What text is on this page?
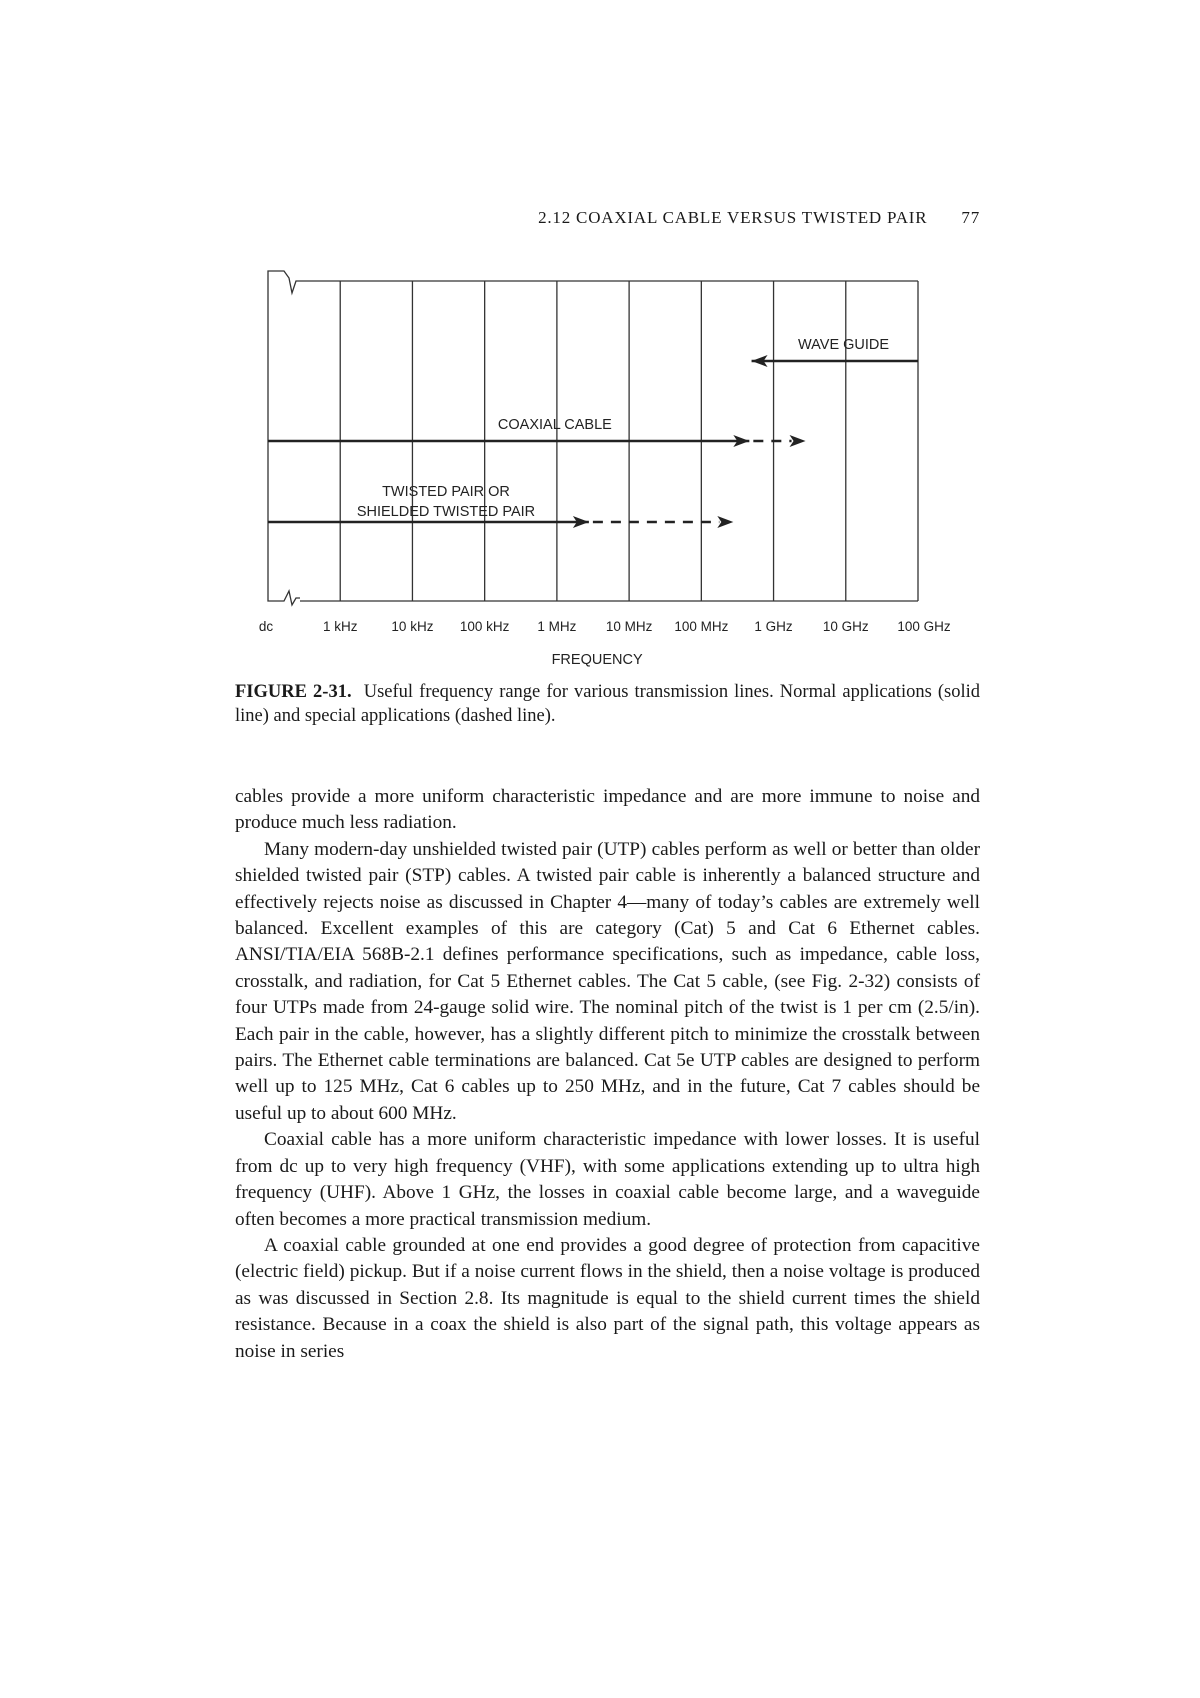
2.12 COAXIAL CABLE VERSUS TWISTED PAIR 77
WAVE GUIDE
COAXIAL CABLE
TWISTED PAIR OR
SHIELDED TWISTED PAIR
dc	1 kHz	10 kHz 100 kHz 1 MHz 10 MHz 100 MHz 1 GHz 10 GHz 100 GHz
FREQUENCY
FIGURE 2-31. Useful frequency range for various transmission lines. Normal applications (solid line) and special applications (dashed line).

cables provide a more uniform characteristic impedance and are more immune to noise and produce much less radiation.

Many modern-day unshielded twisted pair (UTP) cables perform as well or better than older shielded twisted pair (STP) cables. A twisted pair cable is inherently a balanced structure and effectively rejects noise as discussed in Chapter 4—many of today’s cables are extremely well balanced. Excellent examples of this are category (Cat) 5 and Cat 6 Ethernet cables. ANSI/TIA/EIA 568B-2.1 defines performance specifications, such as impedance, cable loss, crosstalk, and radiation, for Cat 5 Ethernet cables. The Cat 5 cable, (see Fig. 2-32) consists of four UTPs made from 24-gauge solid wire. The nominal pitch of the twist is 1 per cm (2.5/in). Each pair in the cable, however, has a slightly different pitch to minimize the crosstalk between pairs. The Ethernet cable terminations are balanced. Cat 5e UTP cables are designed to perform well up to 125 MHz, Cat 6 cables up to 250 MHz, and in the future, Cat 7 cables should be useful up to about 600 MHz.

Coaxial cable has a more uniform characteristic impedance with lower losses. It is useful from dc up to very high frequency (VHF), with some applications extending up to ultra high frequency (UHF). Above 1 GHz, the losses in coaxial cable become large, and a waveguide often becomes a more practical transmission medium.

A coaxial cable grounded at one end provides a good degree of protection from capacitive (electric field) pickup. But if a noise current flows in the shield, then a noise voltage is produced as was discussed in Section 2.8. Its magnitude is equal to the shield current times the shield resistance. Because in a coax the shield is also part of the signal path, this voltage appears as noise in series
